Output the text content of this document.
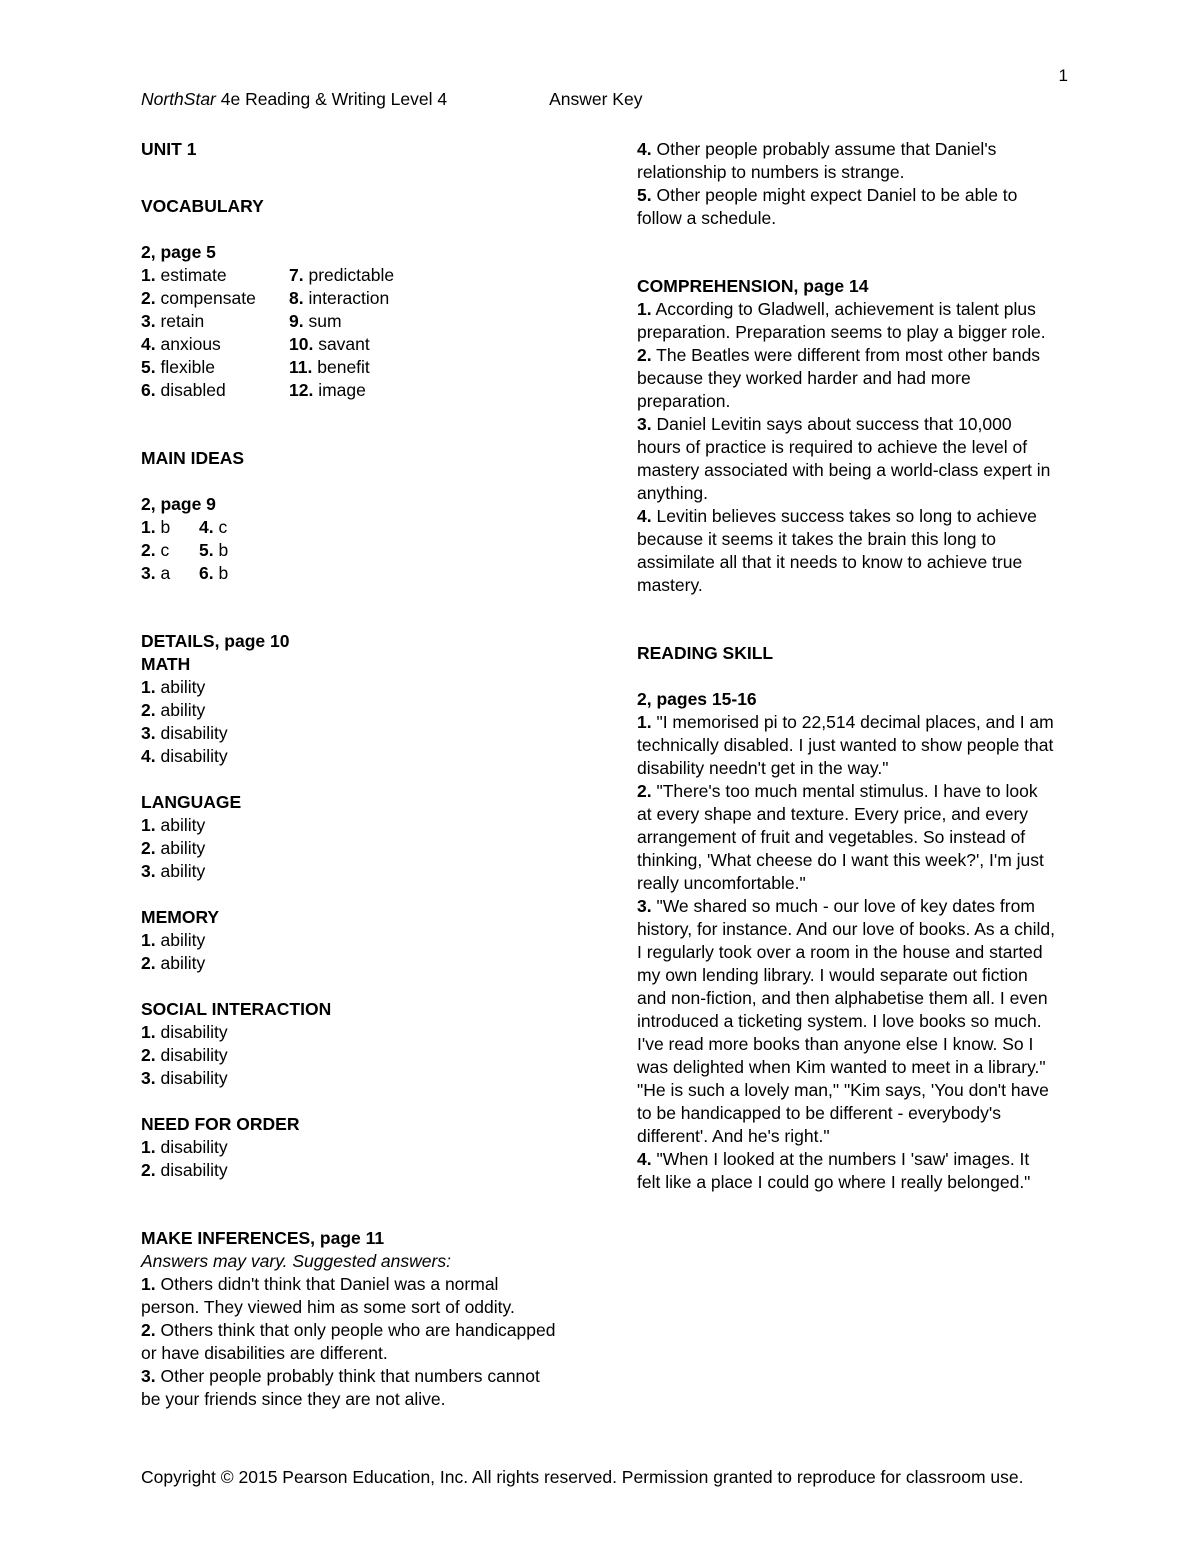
1
NorthStar 4e Reading & Writing Level 4	Answer Key
UNIT 1
VOCABULARY
2, page 5
1. estimate	7. predictable
2. compensate	8. interaction
3. retain	9. sum
4. anxious	10. savant
5. flexible	11. benefit
6. disabled	12. image
MAIN IDEAS
2, page 9
1. b	4. c
2. c	5. b
3. a	6. b
DETAILS, page 10
MATH
1. ability
2. ability
3. disability
4. disability
LANGUAGE
1. ability
2. ability
3. ability
MEMORY
1. ability
2. ability
SOCIAL INTERACTION
1. disability
2. disability
3. disability
NEED FOR ORDER
1. disability
2. disability
MAKE INFERENCES, page 11
Answers may vary. Suggested answers:

1. Others didn't think that Daniel was a normal person. They viewed him as some sort of oddity.

2. Others think that only people who are handicapped or have disabilities are different.

3. Other people probably think that numbers cannot be your friends since they are not alive.

4. Other people probably assume that Daniel's relationship to numbers is strange.

5. Other people might expect Daniel to be able to follow a schedule.

COMPREHENSION, page 14

1. According to Gladwell, achievement is talent plus preparation. Preparation seems to play a bigger role.

2. The Beatles were different from most other bands because they worked harder and had more preparation.

3. Daniel Levitin says about success that 10,000 hours of practice is required to achieve the level of mastery associated with being a world-class expert in anything.

4. Levitin believes success takes so long to achieve because it seems it takes the brain this long to assimilate all that it needs to know to achieve true mastery.

READING SKILL
2, pages 15-16

1. "I memorised pi to 22,514 decimal places, and I am technically disabled. I just wanted to show people that disability needn't get in the way."

2. "There's too much mental stimulus. I have to look at every shape and texture. Every price, and every arrangement of fruit and vegetables. So instead of thinking, 'What cheese do I want this week?', I'm just really uncomfortable."

3. "We shared so much - our love of key dates from history, for instance. And our love of books. As a child, I regularly took over a room in the house and started my own lending library. I would separate out fiction and non-fiction, and then alphabetise them all. I even introduced a ticketing system. I love books so much. I've read more books than anyone else I know. So I was delighted when Kim wanted to meet in a library." "He is such a lovely man," "Kim says, 'You don't have to be handicapped to be different - everybody's different'. And he's right."

4. "When I looked at the numbers I 'saw' images. It felt like a place I could go where I really belonged."

Copyright © 2015 Pearson Education, Inc. All rights reserved. Permission granted to reproduce for classroom use.
